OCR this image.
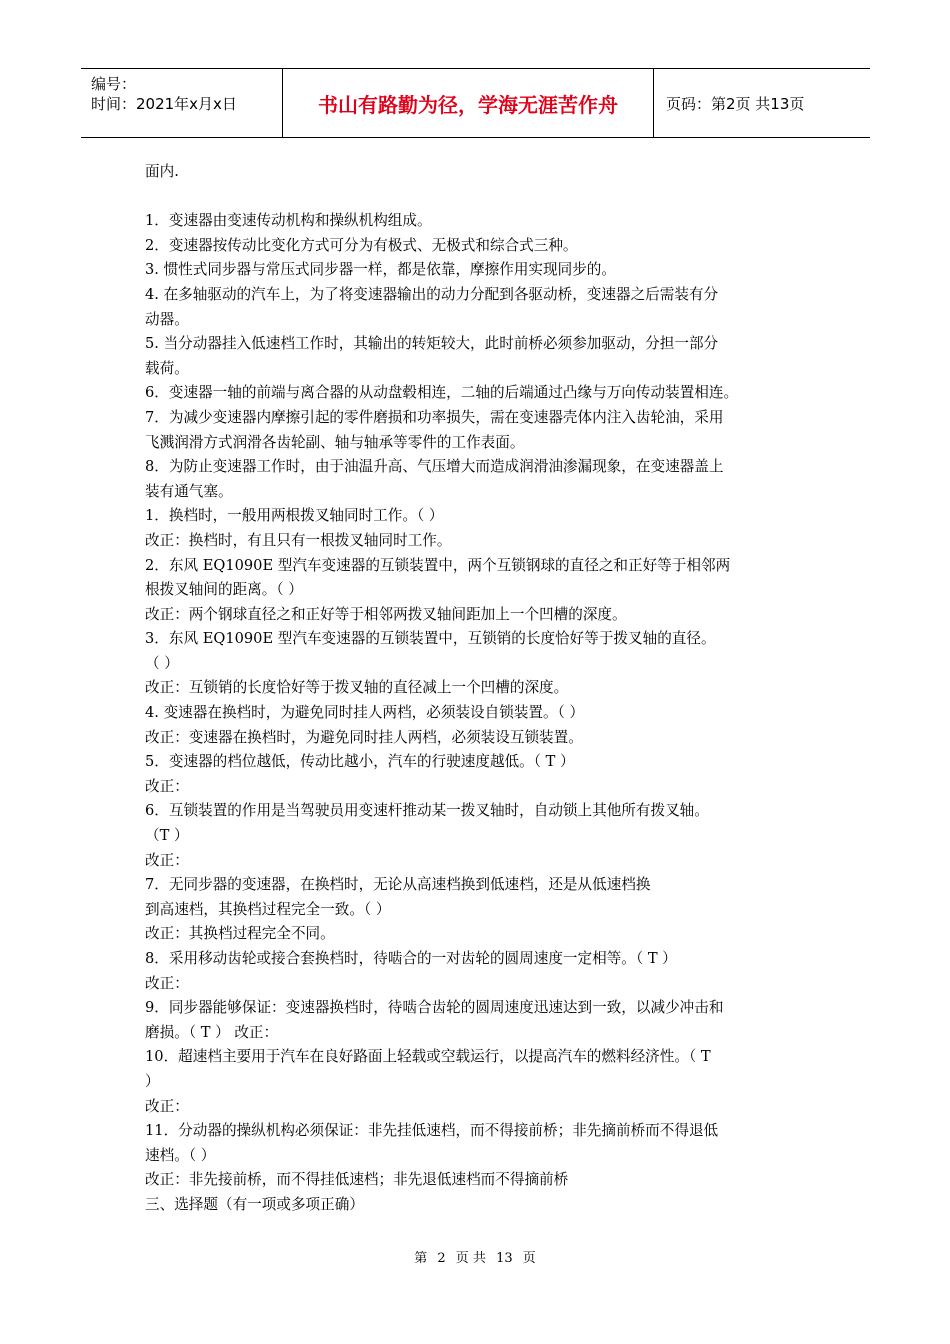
编号：
时间：2021年x月x日	书山有路勤为径，学海无涯苦作舟	页码：第2页 共13页
面内.
1．变速器由变速传动机构和操纵机构组成。
2．变速器按传动比变化方式可分为有极式、无极式和综合式三种。
3. 惯性式同步器与常压式同步器一样，都是依靠，摩擦作用实现同步的。
4. 在多轴驱动的汽车上，为了将变速器输出的动力分配到各驱动桥，变速器之后需装有分
动器。
5. 当分动器挂入低速档工作时，其输出的转矩较大，此时前桥必须参加驱动，分担一部分
载荷。
6．变速器一轴的前端与离合器的从动盘毂相连，二轴的后端通过凸缘与万向传动装置相连。
7．为减少变速器内摩擦引起的零件磨损和功率损失，需在变速器壳体内注入齿轮油，采用
飞溅润滑方式润滑各齿轮副、轴与轴承等零件的工作表面。
8．为防止变速器工作时，由于油温升高、气压增大而造成润滑油渗漏现象，在变速器盖上
装有通气塞。
1．换档时，一般用两根拨叉轴同时工作。（ ）
改正：换档时，有且只有一根拨叉轴同时工作。
2．东风 EQ1090E 型汽车变速器的互锁装置中，两个互锁钢球的直径之和正好等于相邻两
根拨叉轴间的距离。（ ）
改正：两个钢球直径之和正好等于相邻两拨叉轴间距加上一个凹槽的深度。
3．东风 EQ1090E 型汽车变速器的互锁装置中，互锁销的长度恰好等于拨叉轴的直径。
（ ）
改正：互锁销的长度恰好等于拨叉轴的直径减上一个凹槽的深度。
4. 变速器在换档时，为避免同时挂人两档，必须装设自锁装置。（ ）
改正：变速器在换档时，为避免同时挂人两档，必须装设互锁装置。
5．变速器的档位越低，传动比越小，汽车的行驶速度越低。（ T ）
改正：
6．互锁装置的作用是当驾驶员用变速杆推动某一拨叉轴时，自动锁上其他所有拨叉轴。
（T ）
改正：
7．无同步器的变速器，在换档时，无论从高速档换到低速档，还是从低速档换
到高速档，其换档过程完全一致。（ ）
改正：其换档过程完全不同。
8．采用移动齿轮或接合套换档时，待啮合的一对齿轮的圆周速度一定相等。（ T ）
改正：
9．同步器能够保证：变速器换档时，待啮合齿轮的圆周速度迅速达到一致，以减少冲击和
磨损。（ T ） 改正：
10．超速档主要用于汽车在良好路面上轻载或空载运行，以提高汽车的燃料经济性。（ T
）
改正：
11．分动器的操纵机构必须保证：非先挂低速档，而不得接前桥；非先摘前桥而不得退低
速档。（ ）
改正：非先接前桥，而不得挂低速档；非先退低速档而不得摘前桥
三、选择题（有一项或多项正确）
第 2 页 共 13 页
